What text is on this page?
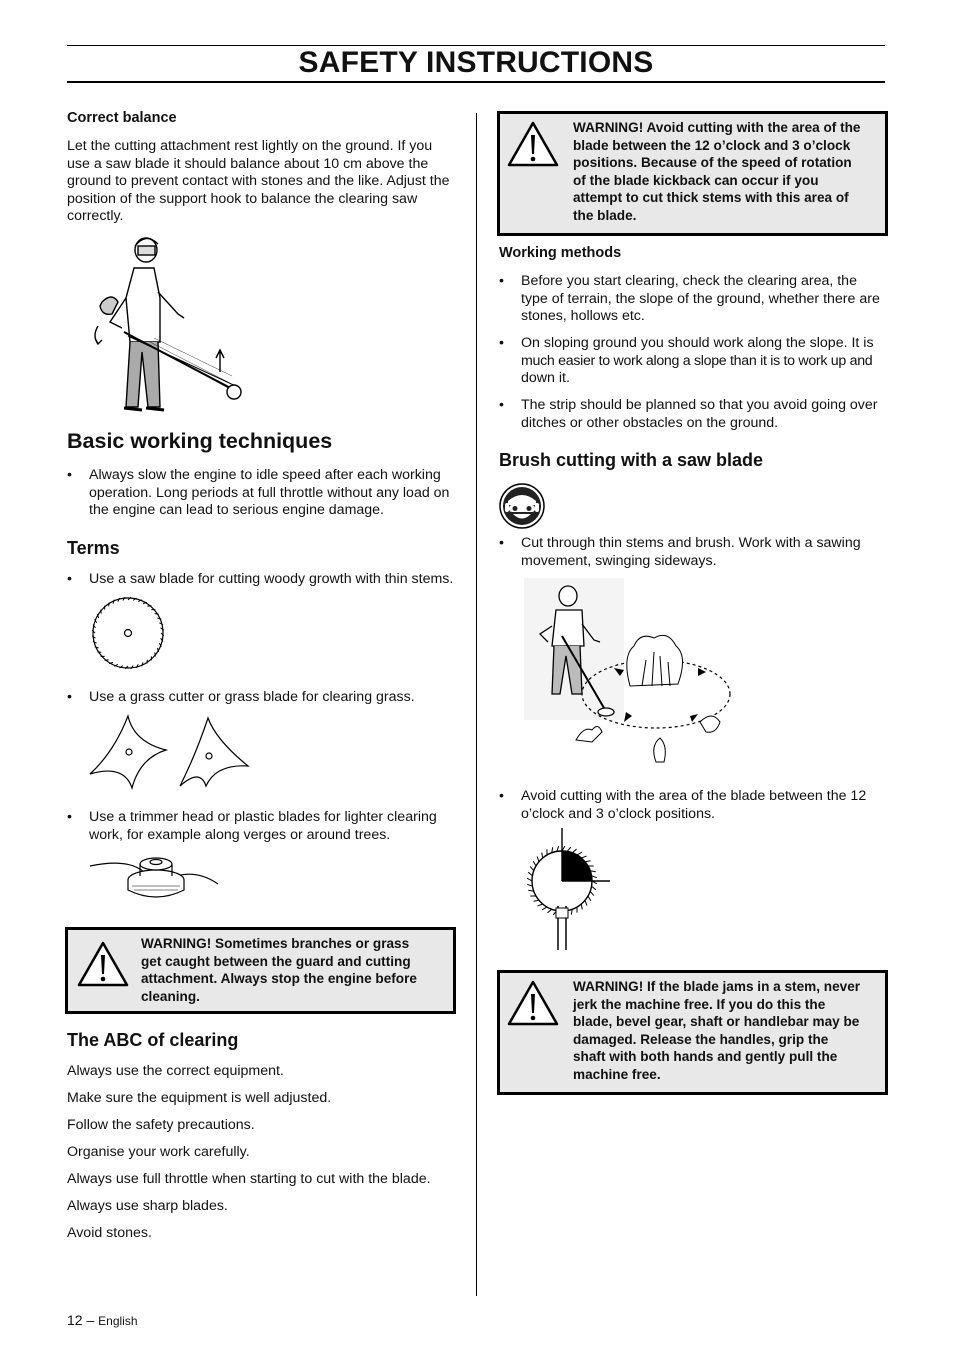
SAFETY INSTRUCTIONS
Correct balance
Let the cutting attachment rest lightly on the ground. If you
use a saw blade it should balance about 10 cm above the
ground to prevent contact with stones and the like. Adjust the
position of the support hook to balance the clearing saw
correctly.
Basic working techniques
• Always slow the engine to idle speed after each working
operation. Long periods at full throttle without any load on
the engine can lead to serious engine damage.
Terms
• Use a saw blade for cutting woody growth with thin stems.
• Use a grass cutter or grass blade for clearing grass.
• Use a trimmer head or plastic blades for lighter clearing
work, for example along verges or around trees.
WARNING! Sometimes branches or grass
get caught between the guard and cutting
attachment. Always stop the engine before
cleaning.
The ABC of clearing
Always use the correct equipment.
Make sure the equipment is well adjusted.
Follow the safety precautions.
Organise your work carefully.
Always use full throttle when starting to cut with the blade.
Always use sharp blades.
Avoid stones.
12 – English
WARNING! Avoid cutting with the area of the
blade between the 12 o’clock and 3 o’clock
positions. Because of the speed of rotation
of the blade kickback can occur if you
attempt to cut thick stems with this area of
the blade.
Working methods
• Before you start clearing, check the clearing area, the
type of terrain, the slope of the ground, whether there are
stones, hollows etc.
• On sloping ground you should work along the slope. It is
much easier to work along a slope than it is to work up and
down it.
• The strip should be planned so that you avoid going over
ditches or other obstacles on the ground.
Brush cutting with a saw blade
• Cut through thin stems and brush. Work with a sawing
movement, swinging sideways.
• Avoid cutting with the area of the blade between the 12
o’clock and 3 o’clock positions.
WARNING! If the blade jams in a stem, never
jerk the machine free. If you do this the
blade, bevel gear, shaft or handlebar may be
damaged. Release the handles, grip the
shaft with both hands and gently pull the
machine free.
